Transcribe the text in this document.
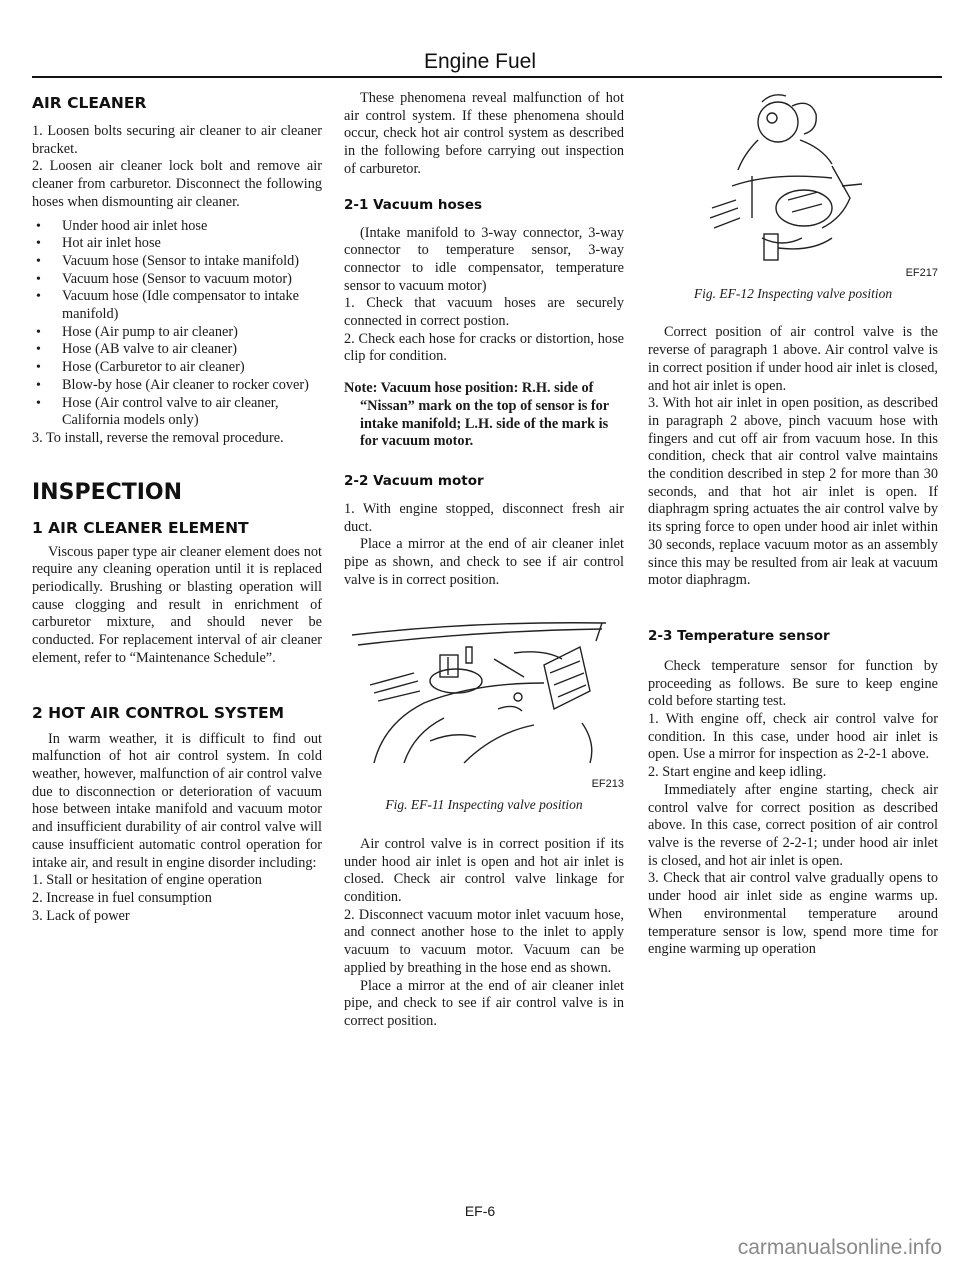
Engine Fuel
AIR CLEANER

1. Loosen bolts securing air cleaner to air cleaner bracket.

2. Loosen air cleaner lock bolt and remove air cleaner from carburetor. Disconnect the following hoses when dismounting air cleaner.

• Under hood air inlet hose
• Hot air inlet hose
• Vacuum hose (Sensor to intake manifold)
• Vacuum hose (Sensor to vacuum motor)
• Vacuum hose (Idle compensator to intake manifold)
• Hose (Air pump to air cleaner)
• Hose (AB valve to air cleaner)
• Hose (Carburetor to air cleaner)
• Blow-by hose (Air cleaner to rocker cover)
• Hose (Air control valve to air cleaner, California models only)

3. To install, reverse the removal procedure.

INSPECTION
1 AIR CLEANER ELEMENT

Viscous paper type air cleaner element does not require any cleaning operation until it is replaced periodically. Brushing or blasting operation will cause clogging and result in enrichment of carburetor mixture, and should never be conducted. For replacement interval of air cleaner element, refer to “Maintenance Schedule”.

2 HOT AIR CONTROL SYSTEM

In warm weather, it is difficult to find out malfunction of hot air control system. In cold weather, however, malfunction of air control valve due to disconnection or deterioration of vacuum hose between intake manifold and vacuum motor and insufficient durability of air control valve will cause insufficient automatic control operation for intake air, and result in engine disorder including:

1. Stall or hesitation of engine operation

2. Increase in fuel consumption

3. Lack of power

These phenomena reveal malfunction of hot air control system. If these phenomena should occur, check hot air control system as described in the following before carrying out inspection of carburetor.

2-1 Vacuum hoses

(Intake manifold to 3-way connector, 3-way connector to temperature sensor, 3-way connector to idle compensator, temperature sensor to vacuum motor)

1. Check that vacuum hoses are securely connected in correct postion.

2. Check each hose for cracks or distortion, hose clip for condition.

Note: Vacuum hose position: R.H. side of “Nissan” mark on the top of sensor is for intake manifold; L.H. side of the mark is for vacuum motor.

2-2 Vacuum motor

1. With engine stopped, disconnect fresh air duct.

Place a mirror at the end of air cleaner inlet pipe as shown, and check to see if air control valve is in correct position.

EF213

Fig. EF-11 Inspecting valve position

Air control valve is in correct position if its under hood air inlet is open and hot air inlet is closed. Check air control valve linkage for condition.

2. Disconnect vacuum motor inlet vacuum hose, and connect another hose to the inlet to apply vacuum to vacuum motor. Vacuum can be applied by breathing in the hose end as shown.

Place a mirror at the end of air cleaner inlet pipe, and check to see if air control valve is in correct position.

EF217

Fig. EF-12 Inspecting valve position

Correct position of air control valve is the reverse of paragraph 1 above. Air control valve is in correct position if under hood air inlet is closed, and hot air inlet is open.

3. With hot air inlet in open position, as described in paragraph 2 above, pinch vacuum hose with fingers and cut off air from vacuum hose. In this condition, check that air control valve maintains the condition described in step 2 for more than 30 seconds, and that hot air inlet is open. If diaphragm spring actuates the air control valve by its spring force to open under hood air inlet within 30 seconds, replace vacuum motor as an assembly since this may be resulted from air leak at vacuum motor diaphragm.

2-3 Temperature sensor

Check temperature sensor for function by proceeding as follows. Be sure to keep engine cold before starting test.

1. With engine off, check air control valve for condition. In this case, under hood air inlet is open. Use a mirror for inspection as 2-2-1 above.

2. Start engine and keep idling.

Immediately after engine starting, check air control valve for correct position as described above. In this case, correct position of air control valve is the reverse of 2-2-1; under hood air inlet is closed, and hot air inlet is open.

3. Check that air control valve gradually opens to under hood air inlet side as engine warms up. When environmental temperature around temperature sensor is low, spend more time for engine warming up operation

EF-6
carmanualsonline.info
